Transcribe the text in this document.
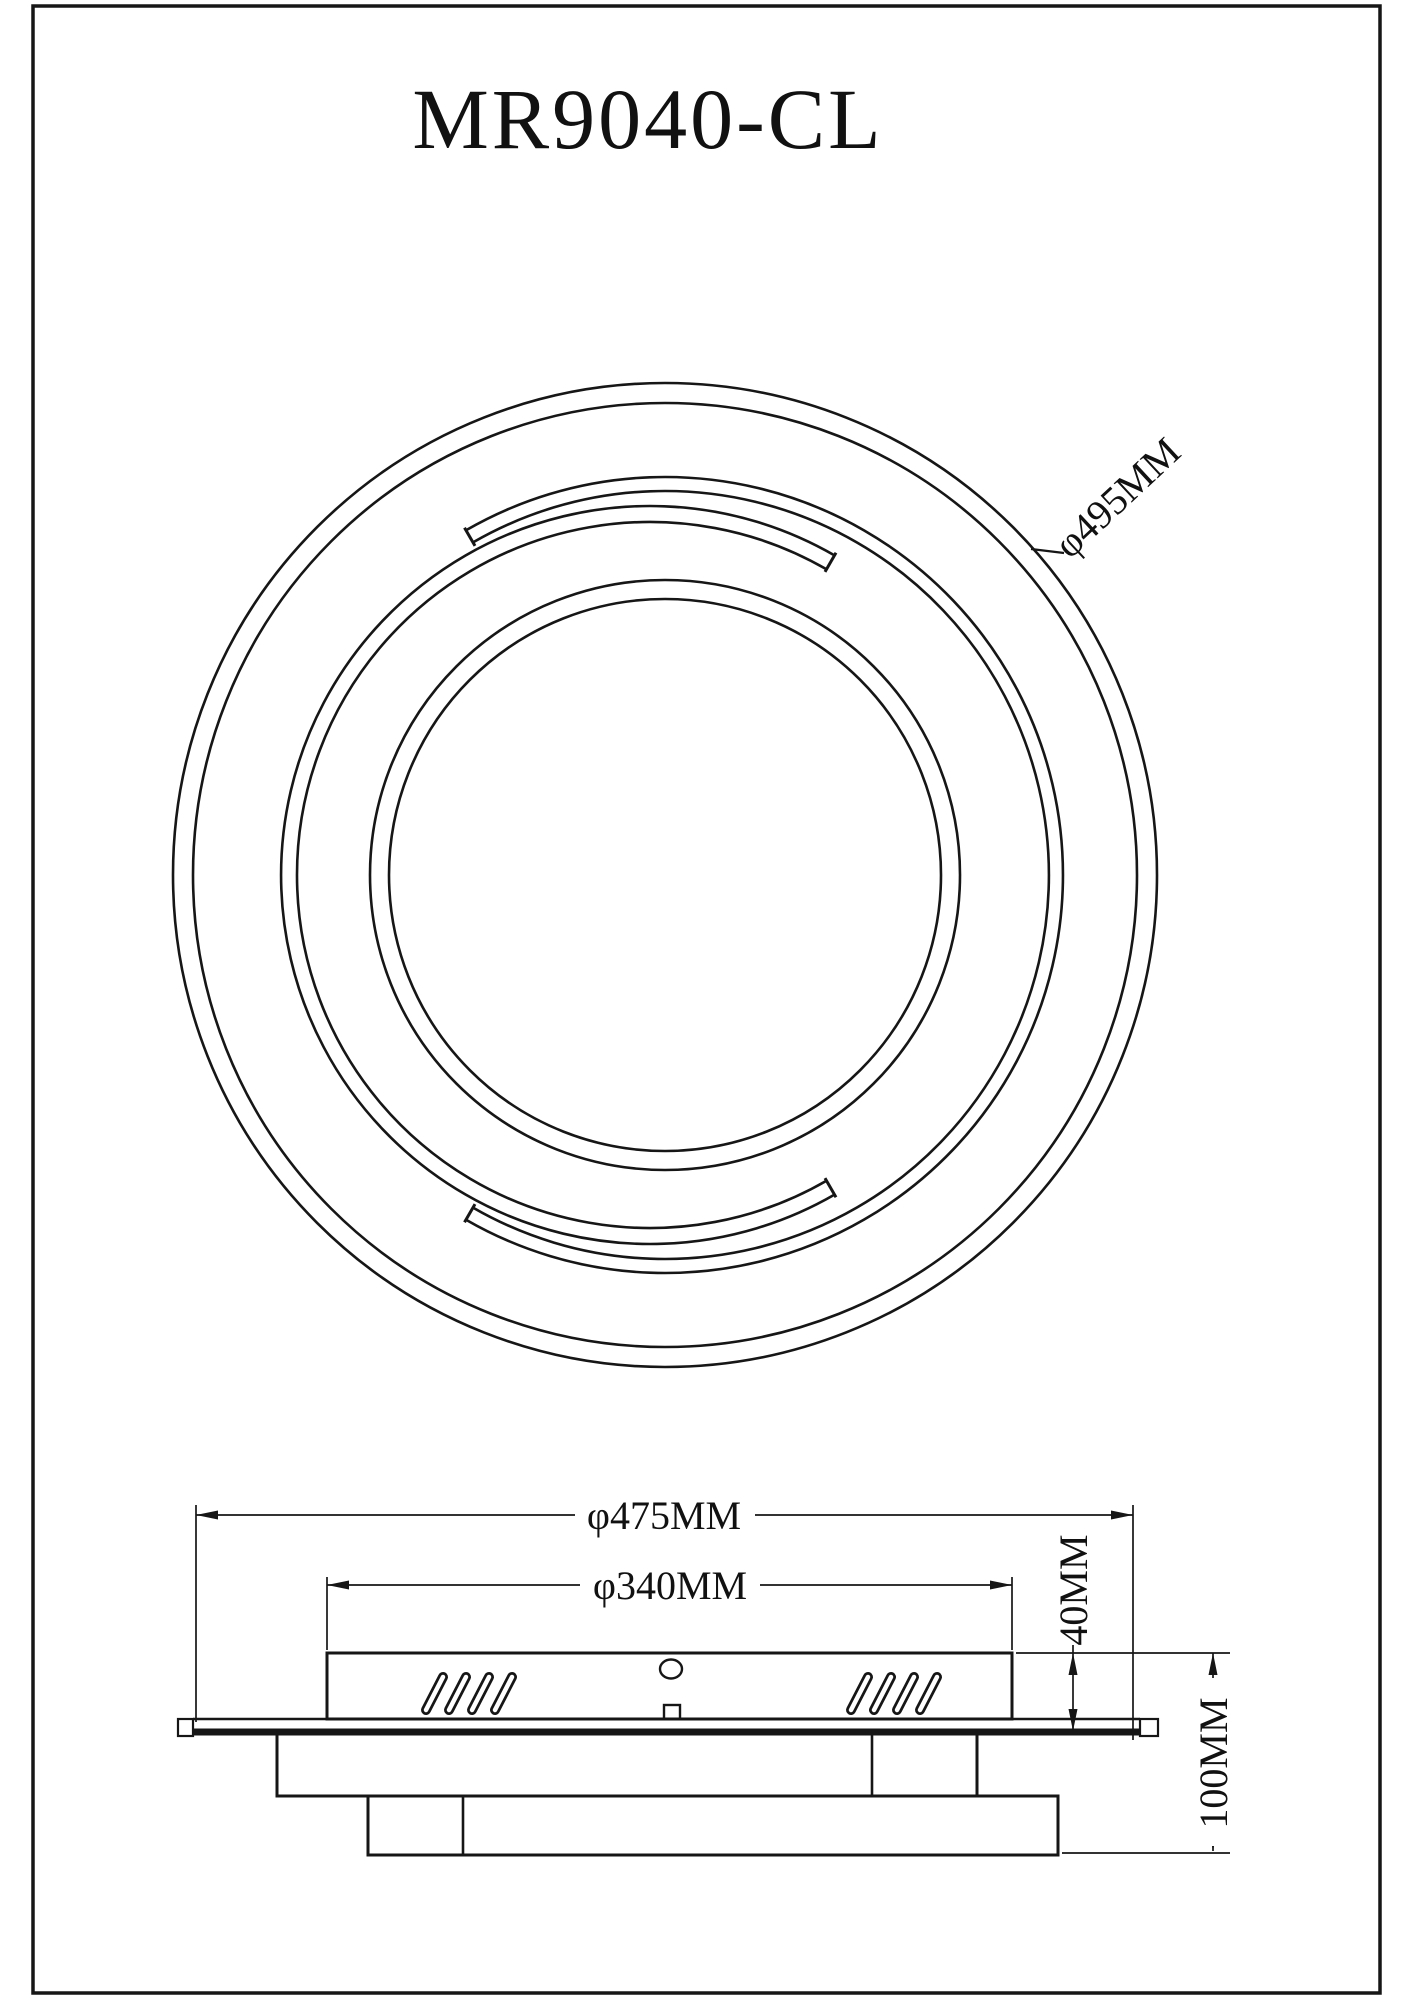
MR9040-CL
φ495MM
φ475MM
φ340MM	40MM
100MM
